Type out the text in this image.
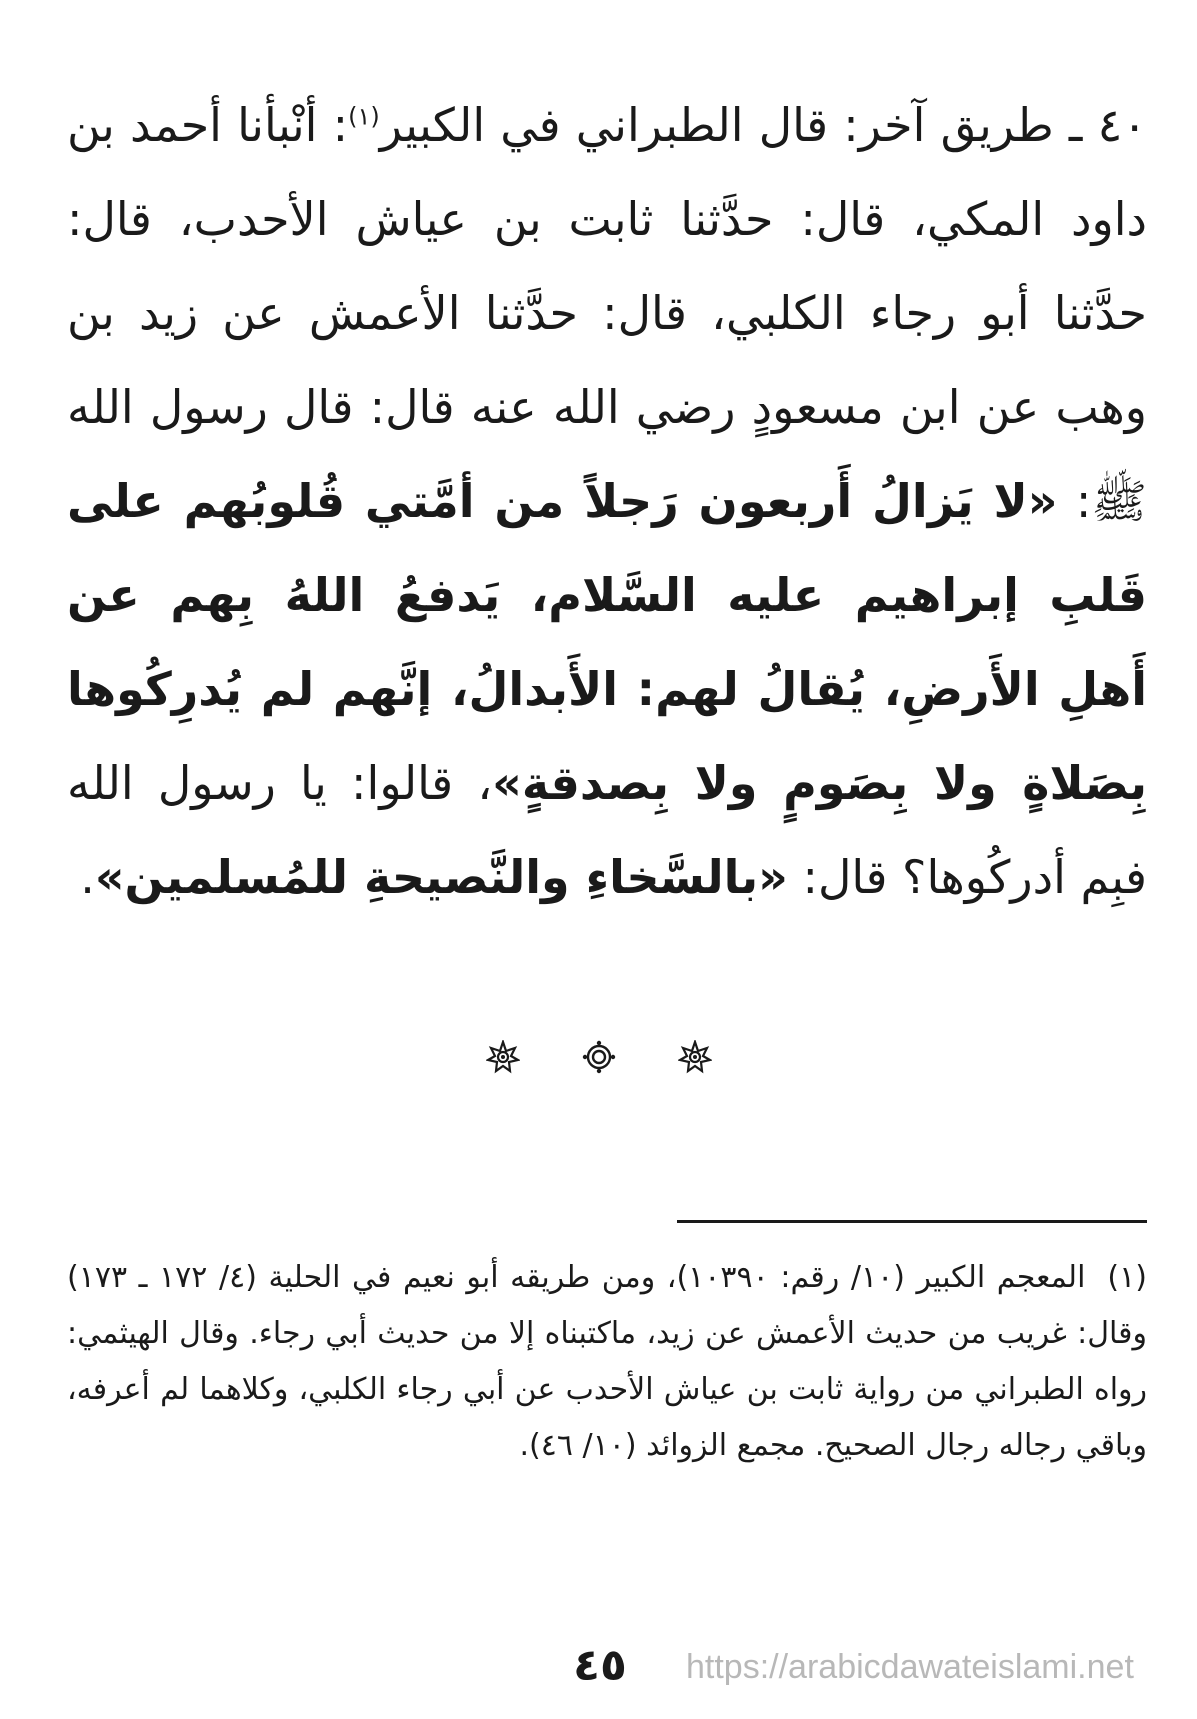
٤٠ ـ طريق آخر: قال الطبراني في الكبير$^{(١)}$: أنْبأنا أحمد بن داود المكي، قال: حدَّثنا ثابت بن عياش الأحدب، قال: حدَّثنا أبو رجاء الكلبي، قال: حدَّثنا الأعمش عن زيد بن وهب عن ابن مسعودٍ رضي الله عنه قال: قال رسول الله ﷺ: «لا يَزالُ أَربعون رَجلاً من أمَّتي قُلوبُهم على قَلبِ إبراهيم عليه السَّلام، يَدفعُ اللهُ بِهم عن أَهلِ الأَرضِ، يُقالُ لهم: الأَبدالُ، إنَّهم لم يُدرِكُوها بِصَلاةٍ ولا بِصَومٍ ولا بِصدقةٍ»، قالوا: يا رسول الله فبِم أدركُوها؟ قال: «بالسَّخاءِ والنَّصيحةِ للمُسلمين».

(١)المعجم الكبير (١٠/ رقم: ١٠٣٩٠)، ومن طريقه أبو نعيم في الحلية (٤/ ١٧٢ ـ ١٧٣) وقال: غريب من حديث الأعمش عن زيد، ماكتبناه إلا من حديث أبي رجاء. وقال الهيثمي: رواه الطبراني من رواية ثابت بن عياش الأحدب عن أبي رجاء الكلبي، وكلاهما لم أعرفه، وباقي رجاله رجال الصحيح. مجمع الزوائد (١٠/ ٤٦).

٤٥	https://arabicdawateislami.net
